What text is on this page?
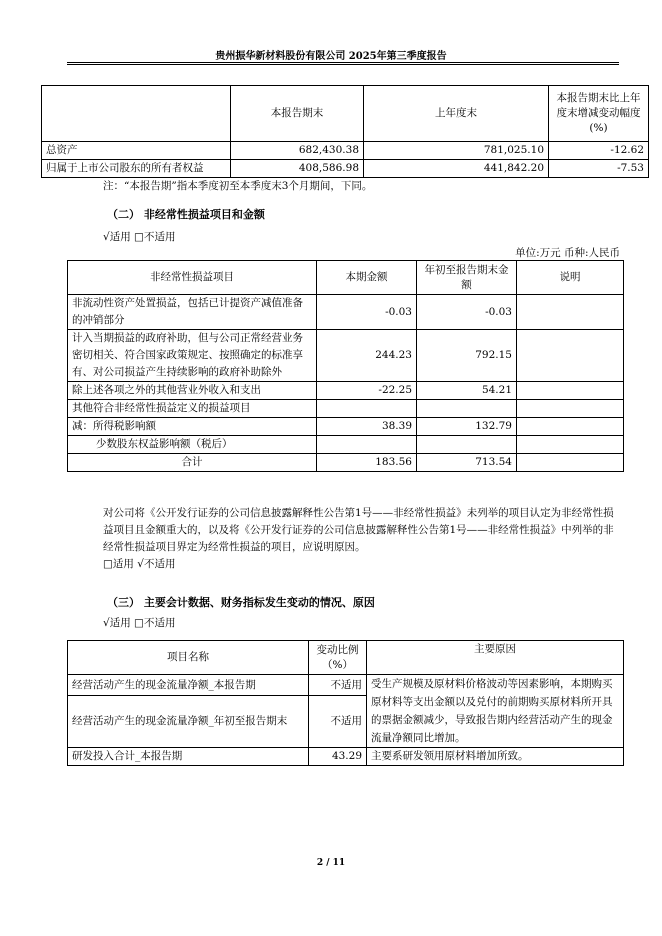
贵州振华新材料股份有限公司 2025年第三季度报告
	本报告期末	上年度末	本报告期末比上年度末增减变动幅度(%)
总资产	682,430.38	781,025.10	-12.62
归属于上市公司股东的所有者权益	408,586.98	441,842.20	-7.53
注：“本报告期”指本季度初至本季度末3个月期间，下同。
（二） 非经常性损益项目和金额
√适用 □不适用
单位:万元 币种:人民币
非经常性损益项目	本期金额	年初至报告期末金额	说明
非流动性资产处置损益，包括已计提资产减值准备的冲销部分	-0.03	-0.03	
计入当期损益的政府补助，但与公司正常经营业务密切相关、符合国家政策规定、按照确定的标准享有、对公司损益产生持续影响的政府补助除外	244.23	792.15	
除上述各项之外的其他营业外收入和支出	-22.25	54.21	
其他符合非经常性损益定义的损益项目			
减：所得税影响额	38.39	132.79	
少数股东权益影响额（税后）			
合计	183.56	713.54	
对公司将《公开发行证券的公司信息披露解释性公告第1号——非经常性损益》未列举的项目认定为非经常性损益项目且金额重大的，以及将《公开发行证券的公司信息披露解释性公告第1号——非经常性损益》中列举的非经常性损益项目界定为经常性损益的项目，应说明原因。
□适用 √不适用
（三） 主要会计数据、财务指标发生变动的情况、原因
√适用 □不适用
项目名称	变动比例（%）	主要原因
经营活动产生的现金流量净额_本报告期	不适用	受生产规模及原材料价格波动等因素影响，本期购买原材料等支出金额以及兑付的前期购买原材料所开具的票据金额减少，导致报告期内经营活动产生的现金流量净额同比增加。
经营活动产生的现金流量净额_年初至报告期末	不适用	
研发投入合计_本报告期	43.29	主要系研发领用原材料增加所致。
2 / 11
